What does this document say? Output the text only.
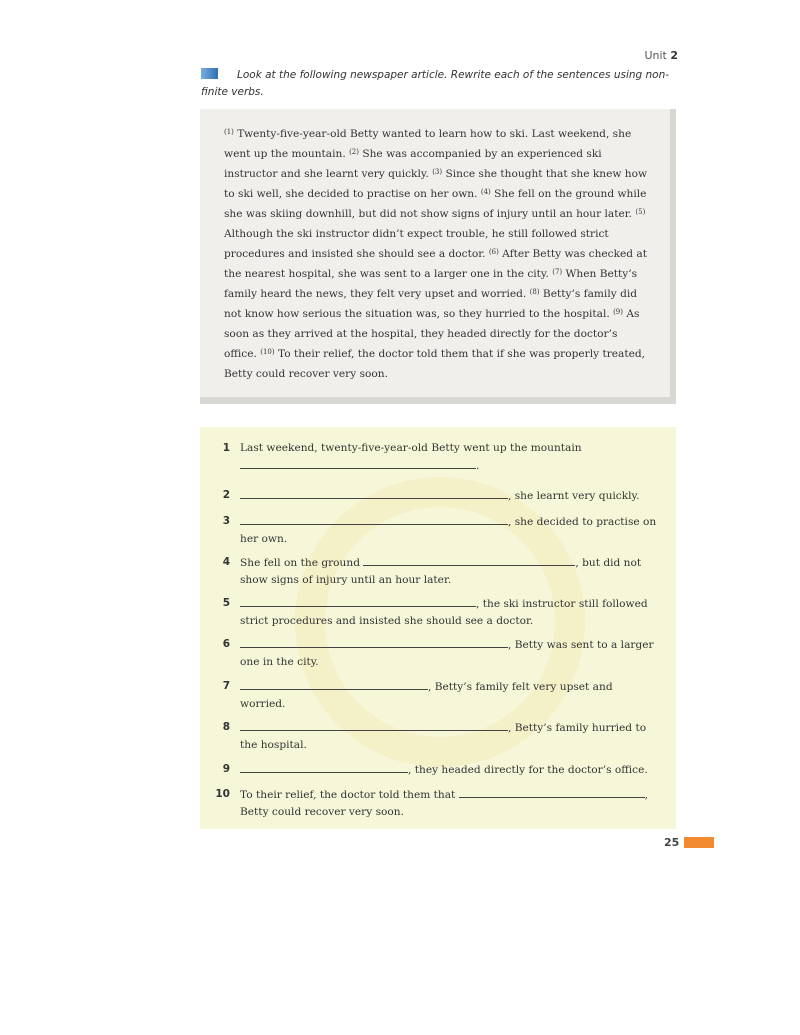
Unit 2
Look at the following newspaper article. Rewrite each of the sentences using non-finite verbs.
$^{(1)}$ Twenty-five-year-old Betty wanted to learn how to ski. Last weekend, she went up the mountain. $^{(2)}$ She was accompanied by an experienced ski instructor and she learnt very quickly. $^{(3)}$ Since she thought that she knew how to ski well, she decided to practise on her own. $^{(4)}$ She fell on the ground while she was skiing downhill, but did not show signs of injury until an hour later. $^{(5)}$ Although the ski instructor didn’t expect trouble, he still followed strict procedures and insisted she should see a doctor. $^{(6)}$ After Betty was checked at the nearest hospital, she was sent to a larger one in the city. $^{(7)}$ When Betty’s family heard the news, they felt very upset and worried. $^{(8)}$ Betty’s family did not know how serious the situation was, so they hurried to the hospital. $^{(9)}$ As soon as they arrived at the hospital, they headed directly for the doctor’s office. $^{(10)}$ To their relief, the doctor told them that if she was properly treated, Betty could recover very soon.
1 Last weekend, twenty-five-year-old Betty went up the mountain
.
2	, she learnt very quickly.
3	, she decided to practise on her own.
4 She fell on the ground	, but did not show signs of injury until an hour later.
5	, the ski instructor still followed strict procedures and insisted she should see a doctor.
6	, Betty was sent to a larger one in the city.
7	, Betty’s family felt very upset and worried.
8	, Betty’s family hurried to the hospital.
9	, they headed directly for the doctor’s office.
10 To their relief, the doctor told them that	, Betty could recover very soon.
25
